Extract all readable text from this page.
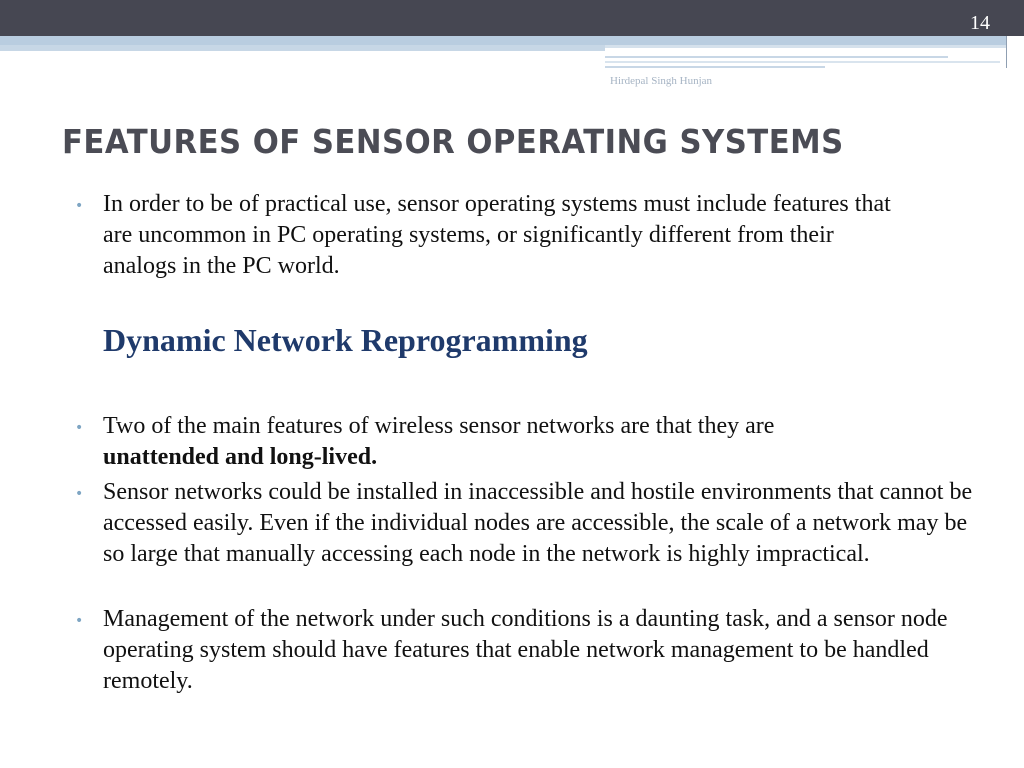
14
Hirdepal Singh Hunjan
FEATURES OF SENSOR OPERATING SYSTEMS
• In order to be of practical use, sensor operating systems must include features that are uncommon in PC operating systems, or significantly different from their analogs in the PC world.

Dynamic Network Reprogramming
• Two of the main features of wireless sensor networks are that they are
unattended and long-lived.

• Sensor networks could be installed in inaccessible and hostile environments that cannot be accessed easily. Even if the individual nodes are accessible, the scale of a network may be so large that manually accessing each node in the network is highly impractical.

• Management of the network under such conditions is a daunting task, and a sensor node operating system should have features that enable network management to be handled remotely.
